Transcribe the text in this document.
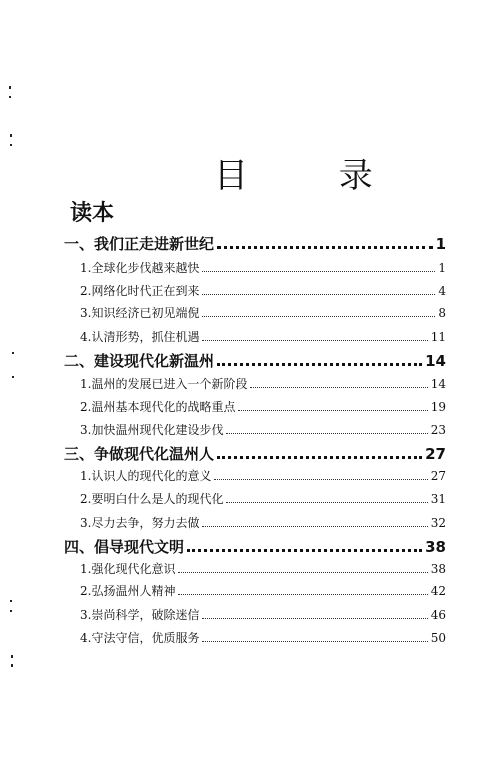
目 录
读本
一、我们正走进新世纪	1
1.全球化步伐越来越快	1
2.网络化时代正在到来	4
3.知识经济已初见端倪	8
4.认清形势，抓住机遇	11
二、建设现代化新温州	14
1.温州的发展已进入一个新阶段	14
2.温州基本现代化的战略重点	19
3.加快温州现代化建设步伐	23
三、争做现代化温州人	27
1.认识人的现代化的意义	27
2.要明白什么是人的现代化	31
3.尽力去争，努力去做	32
四、倡导现代文明	38
1.强化现代化意识	38
2.弘扬温州人精神	42
3.崇尚科学，破除迷信	46
4.守法守信，优质服务	50
